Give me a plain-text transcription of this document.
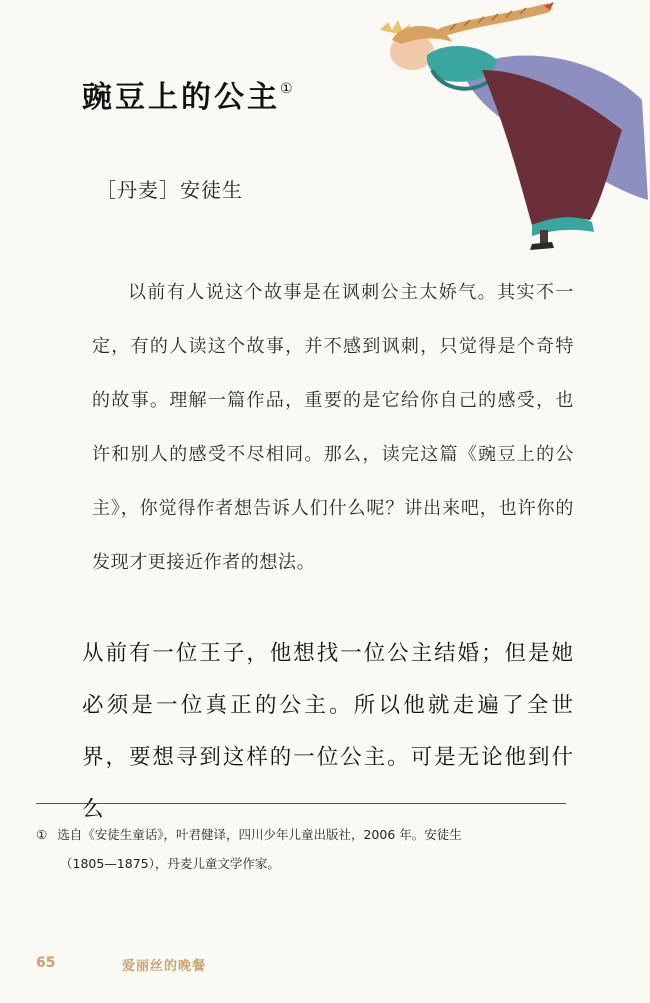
豌豆上的公主①
［丹麦］安徒生

以前有人说这个故事是在讽刺公主太娇气。其实不一定，有的人读这个故事，并不感到讽刺，只觉得是个奇特的故事。理解一篇作品，重要的是它给你自己的感受，也许和别人的感受不尽相同。那么，读完这篇《豌豆上的公主》，你觉得作者想告诉人们什么呢？讲出来吧，也许你的发现才更接近作者的想法。

从前有一位王子，他想找一位公主结婚；但是她必须是一位真正的公主。所以他就走遍了全世界，要想寻到这样的一位公主。可是无论他到什么

① 选自《安徒生童话》，叶君健译，四川少年儿童出版社，2006 年。安徒生
（1805—1875），丹麦儿童文学作家。
65	爱丽丝的晚餐
